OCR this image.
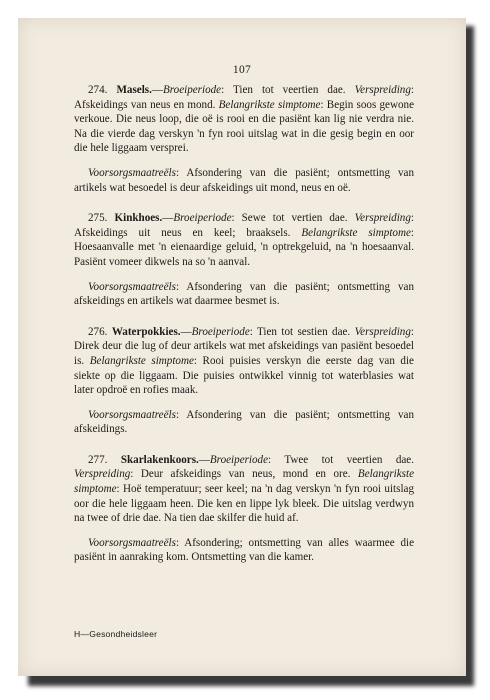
107

274. Masels.—Broeiperiode: Tien tot veertien dae. Verspreiding: Afskeidings van neus en mond. Belangrikste simptome: Begin soos gewone verkoue. Die neus loop, die oë is rooi en die pasiënt kan lig nie verdra nie. Na die vierde dag verskyn 'n fyn rooi uitslag wat in die gesig begin en oor die hele liggaam versprei.

Voorsorgsmaatreëls: Afsondering van die pasiënt; ontsmetting van artikels wat besoedel is deur afskeidings uit mond, neus en oë.

275. Kinkhoes.—Broeiperiode: Sewe tot vertien dae. Verspreiding: Afskeidings uit neus en keel; braaksels. Belangrikste simptome: Hoesaanvalle met 'n eienaardige geluid, 'n optrekgeluid, na 'n hoesaanval. Pasiënt vomeer dikwels na so 'n aanval.

Voorsorgsmaatreëls: Afsondering van die pasiënt; ontsmetting van afskeidings en artikels wat daarmee besmet is.

276. Waterpokkies.—Broeiperiode: Tien tot sestien dae. Verspreiding: Direk deur die lug of deur artikels wat met afskeidings van pasiënt besoedel is. Belangrikste simptome: Rooi puisies verskyn die eerste dag van die siekte op die liggaam. Die puisies ontwikkel vinnig tot waterblasies wat later opdroë en rofies maak.

Voorsorgsmaatreëls: Afsondering van die pasiënt; ontsmetting van afskeidings.

277. Skarlakenkoors.—Broeiperiode: Twee tot veertien dae. Verspreiding: Deur afskeidings van neus, mond en ore. Belangrikste simptome: Hoë temperatuur; seer keel; na 'n dag verskyn 'n fyn rooi uitslag oor die hele liggaam heen. Die ken en lippe lyk bleek. Die uitslag verdwyn na twee of drie dae. Na tien dae skilfer die huid af.

Voorsorgsmaatreëls: Afsondering; ontsmetting van alles waarmee die pasiënt in aanraking kom. Ontsmetting van die kamer.

H—Gesondheidsleer
